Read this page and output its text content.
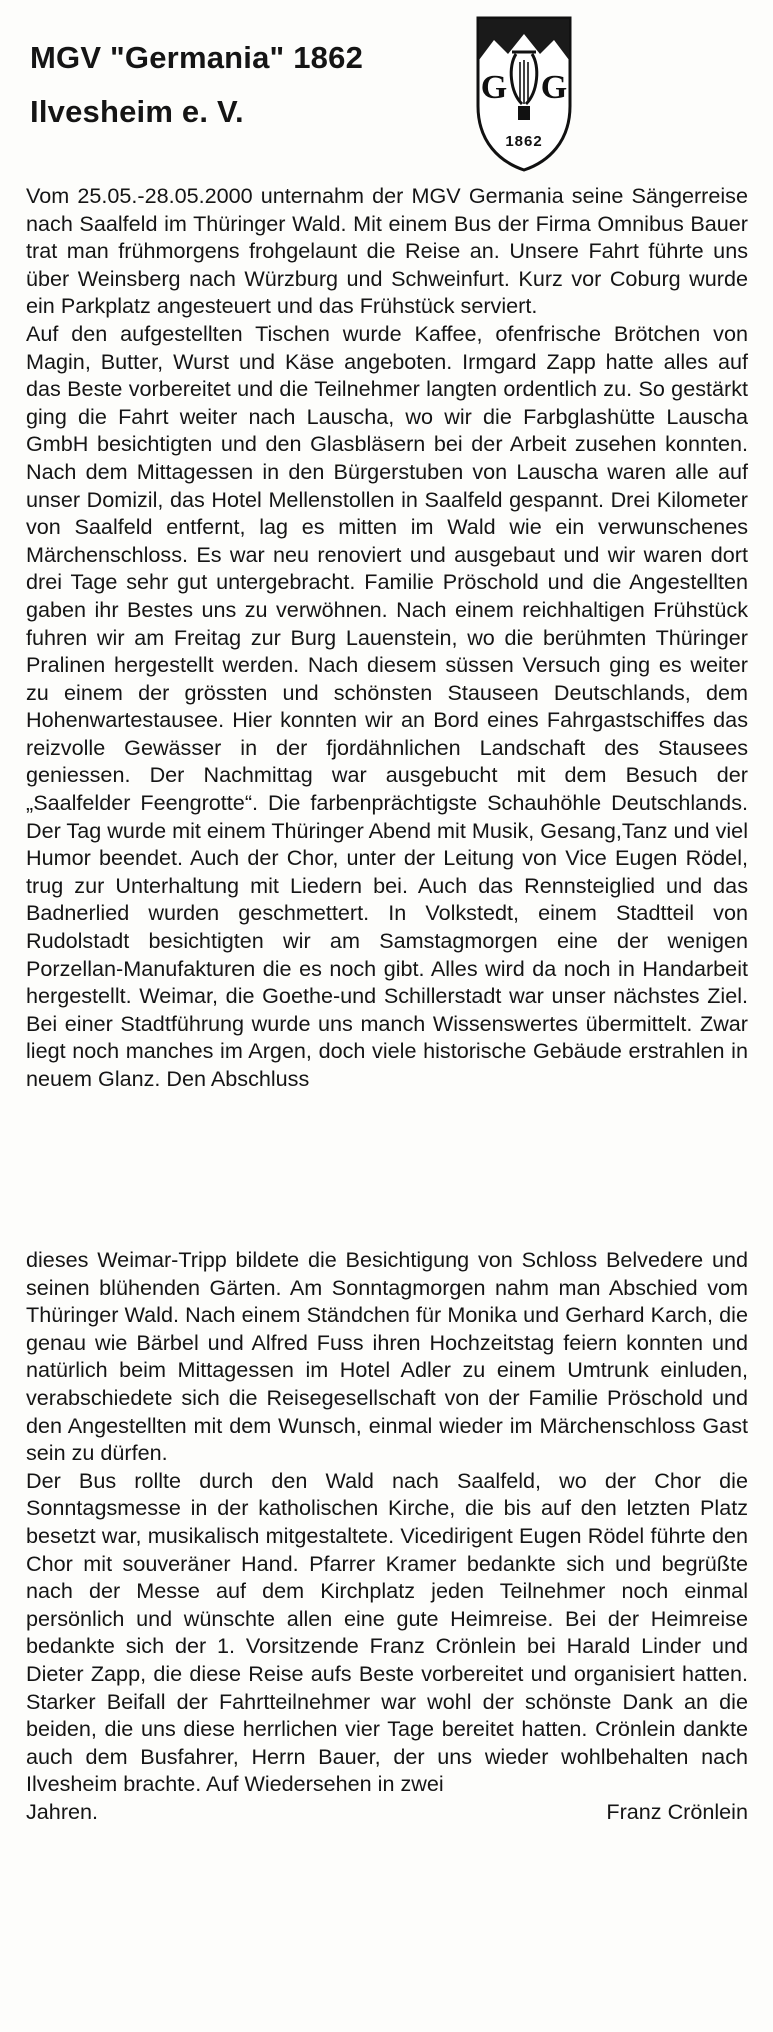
MGV "Germania" 1862
Ilvesheim e. V.
G G
1862

Vom 25.05.-28.05.2000 unternahm der MGV Germania seine Sängerreise nach Saalfeld im Thüringer Wald. Mit einem Bus der Firma Omnibus Bauer trat man frühmorgens frohgelaunt die Reise an. Unsere Fahrt führte uns über Weinsberg nach Würzburg und Schweinfurt. Kurz vor Coburg wurde ein Parkplatz angesteuert und das Frühstück serviert.

Auf den aufgestellten Tischen wurde Kaffee, ofenfrische Brötchen von Magin, Butter, Wurst und Käse angeboten. Irmgard Zapp hatte alles auf das Beste vorbereitet und die Teilnehmer langten ordentlich zu. So gestärkt ging die Fahrt weiter nach Lauscha, wo wir die Farbglashütte Lauscha GmbH besichtigten und den Glasbläsern bei der Arbeit zusehen konnten. Nach dem Mittagessen in den Bürgerstuben von Lauscha waren alle auf unser Domizil, das Hotel Mellenstollen in Saalfeld gespannt. Drei Kilometer von Saalfeld entfernt, lag es mitten im Wald wie ein verwunschenes Märchenschloss. Es war neu renoviert und ausgebaut und wir waren dort drei Tage sehr gut untergebracht. Familie Pröschold und die Angestellten gaben ihr Bestes uns zu verwöhnen. Nach einem reichhaltigen Frühstück fuhren wir am Freitag zur Burg Lauenstein, wo die berühmten Thüringer Pralinen hergestellt werden. Nach diesem süssen Versuch ging es weiter zu einem der grössten und schönsten Stauseen Deutschlands, dem Hohenwartestausee. Hier konnten wir an Bord eines Fahrgastschiffes das reizvolle Gewässer in der fjordähnlichen Landschaft des Stausees geniessen. Der Nachmittag war ausgebucht mit dem Besuch der „Saalfelder Feengrotte“. Die farbenprächtigste Schauhöhle Deutschlands. Der Tag wurde mit einem Thüringer Abend mit Musik, Gesang,Tanz und viel Humor beendet. Auch der Chor, unter der Leitung von Vice Eugen Rödel, trug zur Unterhaltung mit Liedern bei. Auch das Rennsteiglied und das Badnerlied wurden geschmettert. In Volkstedt, einem Stadtteil von Rudolstadt besichtigten wir am Samstagmorgen eine der wenigen Porzellan-Manufakturen die es noch gibt. Alles wird da noch in Handarbeit hergestellt. Weimar, die Goethe-und Schillerstadt war unser nächstes Ziel. Bei einer Stadtführung wurde uns manch Wissenswertes übermittelt. Zwar liegt noch manches im Argen, doch viele historische Gebäude erstrahlen in neuem Glanz. Den Abschluss

dieses Weimar-Tripp bildete die Besichtigung von Schloss Belvedere und seinen blühenden Gärten. Am Sonntagmorgen nahm man Abschied vom Thüringer Wald. Nach einem Ständchen für Monika und Gerhard Karch, die genau wie Bärbel und Alfred Fuss ihren Hochzeitstag feiern konnten und natürlich beim Mittagessen im Hotel Adler zu einem Umtrunk einluden, verabschiedete sich die Reisegesellschaft von der Familie Pröschold und den Angestellten mit dem Wunsch, einmal wieder im Märchenschloss Gast sein zu dürfen.

Der Bus rollte durch den Wald nach Saalfeld, wo der Chor die Sonntagsmesse in der katholischen Kirche, die bis auf den letzten Platz besetzt war, musikalisch mitgestaltete. Vicedirigent Eugen Rödel führte den Chor mit souveräner Hand. Pfarrer Kramer bedankte sich und begrüßte nach der Messe auf dem Kirchplatz jeden Teilnehmer noch einmal persönlich und wünschte allen eine gute Heimreise. Bei der Heimreise bedankte sich der 1. Vorsitzende Franz Crönlein bei Harald Linder und Dieter Zapp, die diese Reise aufs Beste vorbereitet und organisiert hatten. Starker Beifall der Fahrtteilnehmer war wohl der schönste Dank an die beiden, die uns diese herrlichen vier Tage bereitet hatten. Crönlein dankte auch dem Busfahrer, Herrn Bauer, der uns wieder wohlbehalten nach Ilvesheim brachte. Auf Wiedersehen in zwei

Jahren.	Franz Crönlein
